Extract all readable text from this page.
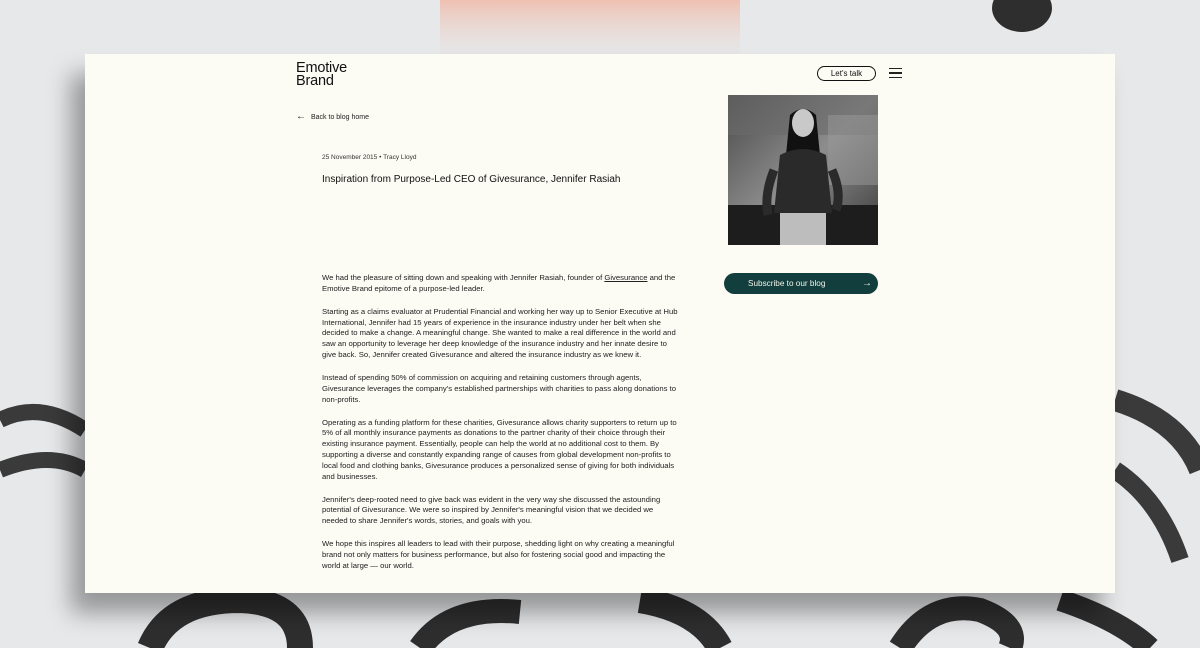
Emotive
Brand	Let's talk
← Back to blog home
25 November 2015 • Tracy Lloyd
Inspiration from Purpose-Led CEO of Givesurance, Jennifer Rasiah

We had the pleasure of sitting down and speaking with Jennifer Rasiah, founder of Givesurance and the Emotive Brand epitome of a purpose-led leader.

Starting as a claims evaluator at Prudential Financial and working her way up to Senior Executive at Hub International, Jennifer had 15 years of experience in the insurance industry under her belt when she decided to make a change. A meaningful change. She wanted to make a real difference in the world and saw an opportunity to leverage her deep knowledge of the insurance industry and her innate desire to give back. So, Jennifer created Givesurance and altered the insurance industry as we knew it.

Instead of spending 50% of commission on acquiring and retaining customers through agents, Givesurance leverages the company's established partnerships with charities to pass along donations to non-profits.

Operating as a funding platform for these charities, Givesurance allows charity supporters to return up to 5% of all monthly insurance payments as donations to the partner charity of their choice through their existing insurance payment. Essentially, people can help the world at no additional cost to them. By supporting a diverse and constantly expanding range of causes from global development non-profits to local food and clothing banks, Givesurance produces a personalized sense of giving for both individuals and businesses.

Jennifer's deep-rooted need to give back was evident in the very way she discussed the astounding potential of Givesurance. We were so inspired by Jennifer's meaningful vision that we decided we needed to share Jennifer's words, stories, and goals with you.

We hope this inspires all leaders to lead with their purpose, shedding light on why creating a meaningful brand not only matters for business performance, but also for fostering social good and impacting the world at large — our world.

Subscribe to our blog	→
